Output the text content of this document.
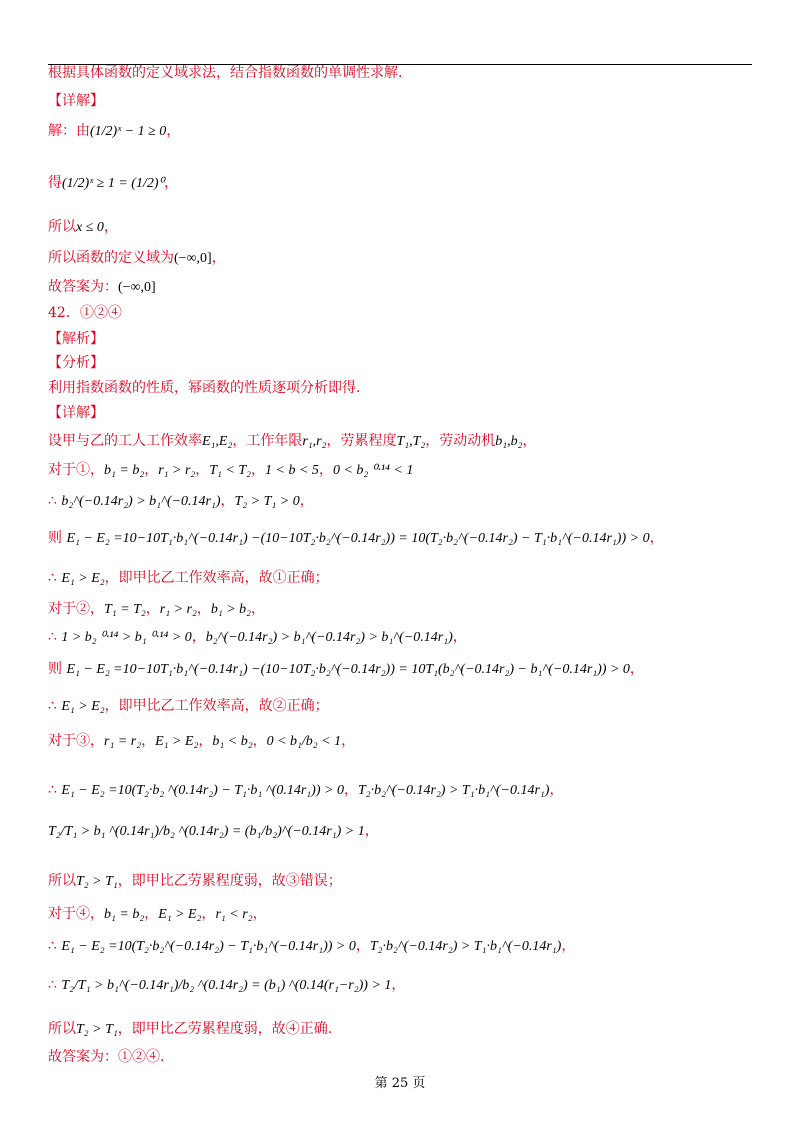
根据具体函数的定义域求法，结合指数函数的单调性求解.
【详解】
解：由(1/2)ˣ − 1 ≥ 0，
得(1/2)ˣ ≥ 1 = (1/2)⁰，
所以x ≤ 0，
所以函数的定义域为(−∞,0]，
故答案为：(−∞,0]
42．①②④
【解析】
【分析】
利用指数函数的性质，幂函数的性质逐项分析即得.
【详解】
设甲与乙的工人工作效率E₁,E₂，工作年限r₁,r₂，劳累程度T₁,T₂，劳动动机b₁,b₂，
对于①，b₁ = b₂，r₁ > r₂，T₁ < T₂，1 < b < 5，0 < b₂ ⁰·¹⁴ < 1
∴ b₂^(−0.14r₂) > b₁^(−0.14r₁)，T₂ > T₁ > 0，
则 E₁ − E₂ =10−10T₁·b₁^(−0.14r₁) −(10−10T₂·b₂^(−0.14r₂)) = 10(T₂·b₂^(−0.14r₂) − T₁·b₁^(−0.14r₁)) > 0，
∴ E₁ > E₂，即甲比乙工作效率高，故①正确；
对于②，T₁ = T₂，r₁ > r₂，b₁ > b₂，
∴ 1 > b₂ ⁰·¹⁴ > b₁ ⁰·¹⁴ > 0，b₂^(−0.14r₂) > b₁^(−0.14r₂) > b₁^(−0.14r₁)，
则 E₁ − E₂ =10−10T₁·b₁^(−0.14r₁) −(10−10T₂·b₂^(−0.14r₂)) = 10T₁(b₂^(−0.14r₂) − b₁^(−0.14r₁)) > 0，
∴ E₁ > E₂，即甲比乙工作效率高，故②正确；
对于③，r₁ = r₂，E₁ > E₂，b₁ < b₂，0 < b₁/b₂ < 1，
∴ E₁ − E₂ =10(T₂·b₂ ^(0.14r₂) − T₁·b₁ ^(0.14r₁)) > 0，T₂·b₂^(−0.14r₂) > T₁·b₁^(−0.14r₁)，
T₂/T₁ > b₁ ^(0.14r₁)/b₂ ^(0.14r₂) = (b₁/b₂)^(−0.14r₁) > 1，
所以T₂ > T₁，即甲比乙劳累程度弱，故③错误；
对于④，b₁ = b₂，E₁ > E₂，r₁ < r₂，
∴ E₁ − E₂ =10(T₂·b₂^(−0.14r₂) − T₁·b₁^(−0.14r₁)) > 0，T₂·b₂^(−0.14r₂) > T₁·b₁^(−0.14r₁)，
∴ T₂/T₁ > b₁^(−0.14r₁)/b₂ ^(0.14r₂) = (b₁) ^(0.14(r₁−r₂)) > 1，
所以T₂ > T₁，即甲比乙劳累程度弱，故④正确.
故答案为：①②④.
第 25 页
